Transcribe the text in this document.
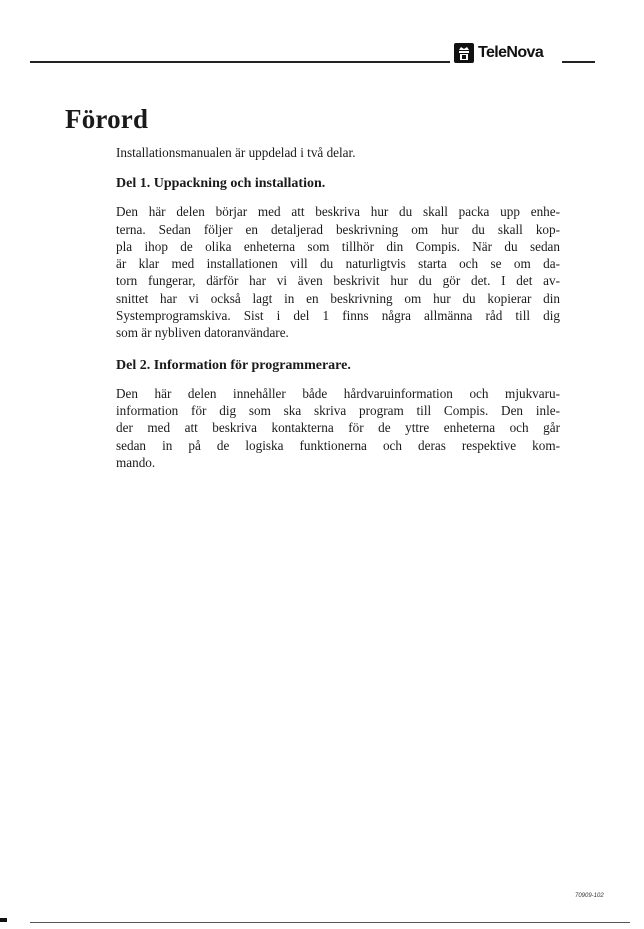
TeleNova
Förord

Installationsmanualen är uppdelad i två delar.

Del 1. Uppackning och installation.
Den här delen börjar med att beskriva hur du skall packa upp enhe-
terna. Sedan följer en detaljerad beskrivning om hur du skall kop-
pla ihop de olika enheterna som tillhör din Compis. När du sedan
är klar med installationen vill du naturligtvis starta och se om da-
torn fungerar, därför har vi även beskrivit hur du gör det. I det av-
snittet har vi också lagt in en beskrivning om hur du kopierar din
Systemprogramskiva. Sist i del 1 finns några allmänna råd till dig
som är nybliven datoranvändare.
Del 2. Information för programmerare.
Den här delen innehåller både hårdvaruinformation och mjukvaru-
information för dig som ska skriva program till Compis. Den inle-
der med att beskriva kontakterna för de yttre enheterna och går
sedan in på de logiska funktionerna och deras respektive kom-
mando.
70909-102
